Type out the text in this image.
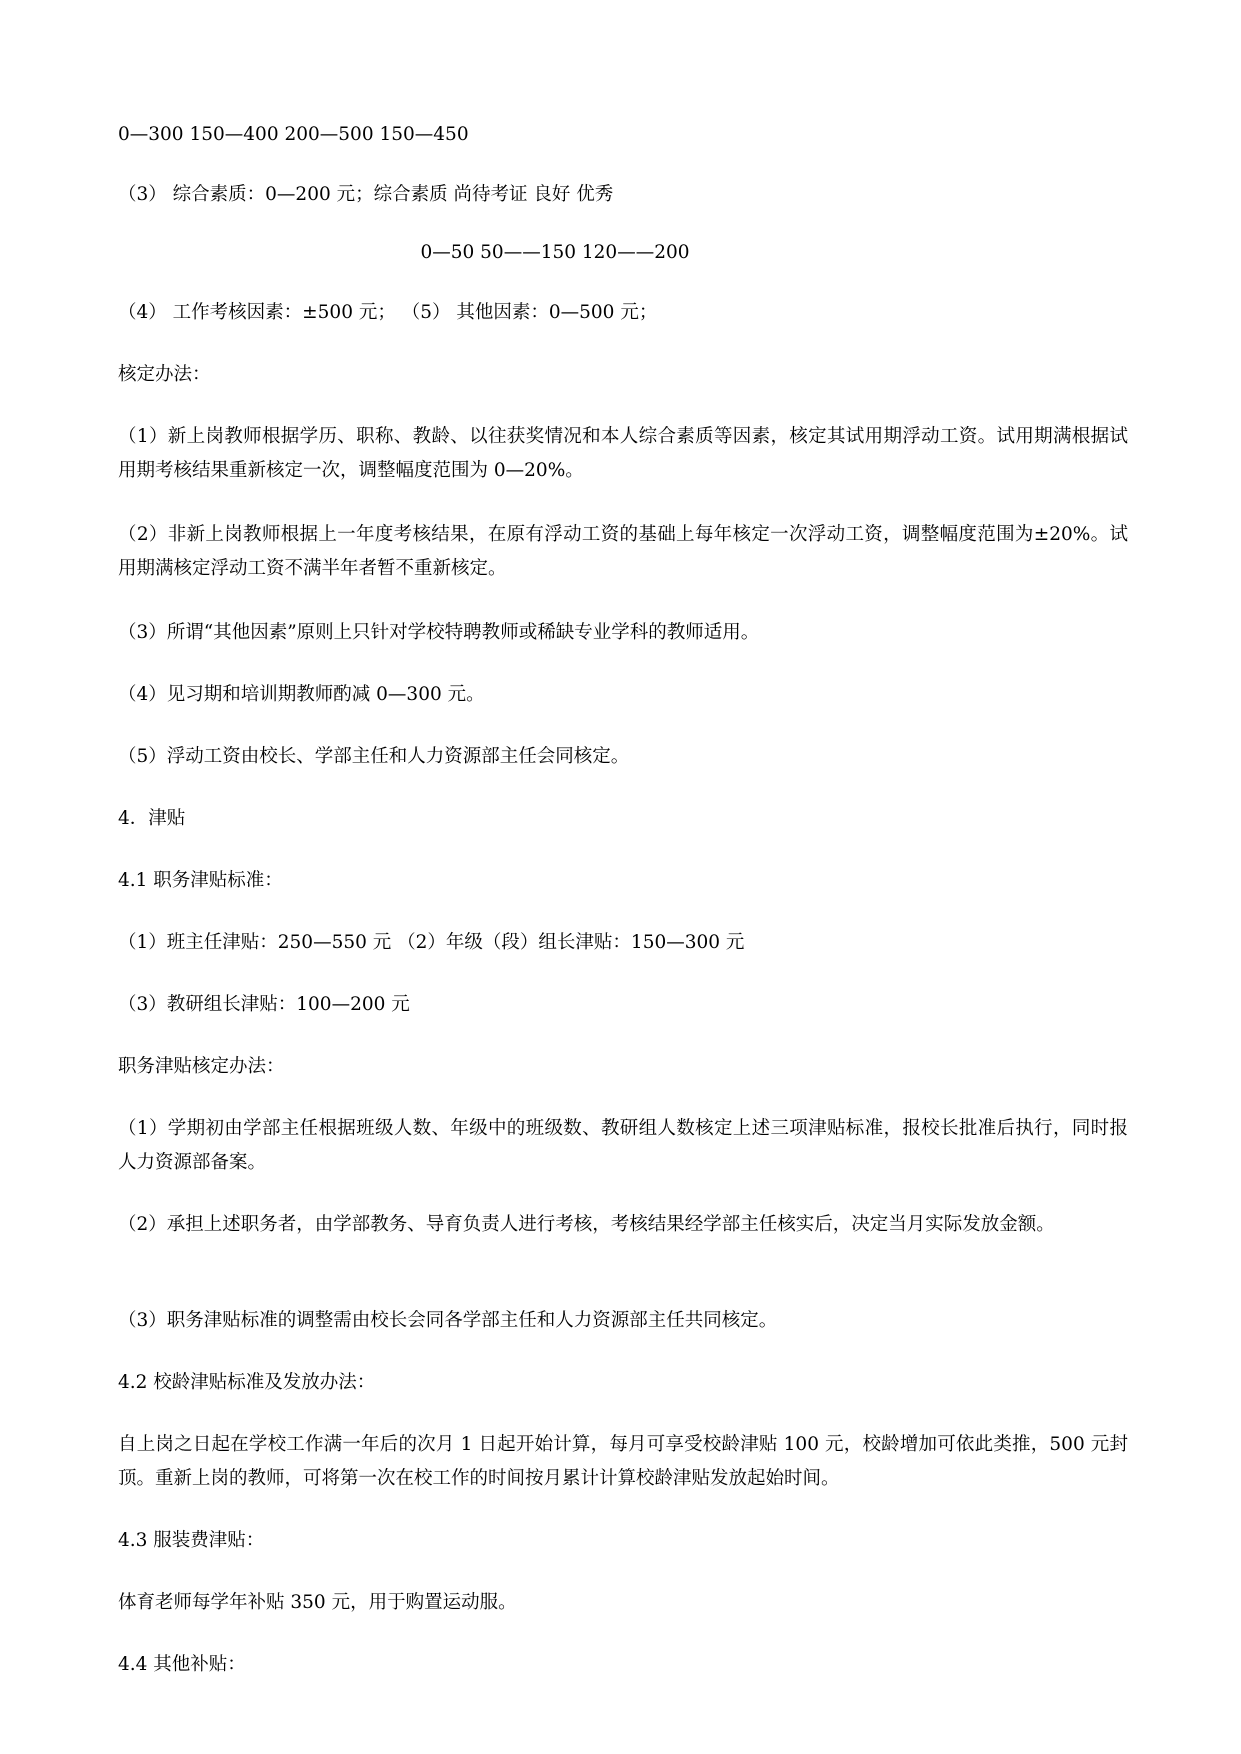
0—300 150—400 200—500 150—450
（3） 综合素质：0—200 元；综合素质 尚待考证 良好 优秀
0—50 50——150 120——200
（4） 工作考核因素：±500 元； （5） 其他因素：0—500 元；
核定办法：
（1）新上岗教师根据学历、职称、教龄、以往获奖情况和本人综合素质等因素，核定其试用期浮动工资。试用期满根据试用期考核结果重新核定一次，调整幅度范围为 0—20%。
（2）非新上岗教师根据上一年度考核结果，在原有浮动工资的基础上每年核定一次浮动工资，调整幅度范围为±20%。试用期满核定浮动工资不满半年者暂不重新核定。
（3）所谓“其他因素”原则上只针对学校特聘教师或稀缺专业学科的教师适用。
（4）见习期和培训期教师酌减 0—300 元。
（5）浮动工资由校长、学部主任和人力资源部主任会同核定。
4．津贴
4.1 职务津贴标准：
（1）班主任津贴：250—550 元 （2）年级（段）组长津贴：150—300 元
（3）教研组长津贴：100—200 元
职务津贴核定办法：
（1）学期初由学部主任根据班级人数、年级中的班级数、教研组人数核定上述三项津贴标准，报校长批准后执行，同时报人力资源部备案。
（2）承担上述职务者，由学部教务、导育负责人进行考核，考核结果经学部主任核实后，决定当月实际发放金额。
（3）职务津贴标准的调整需由校长会同各学部主任和人力资源部主任共同核定。
4.2 校龄津贴标准及发放办法：
自上岗之日起在学校工作满一年后的次月 1 日起开始计算，每月可享受校龄津贴 100 元，校龄增加可依此类推，500 元封顶。重新上岗的教师，可将第一次在校工作的时间按月累计计算校龄津贴发放起始时间。
4.3 服装费津贴：
体育老师每学年补贴 350 元，用于购置运动服。
4.4 其他补贴：
